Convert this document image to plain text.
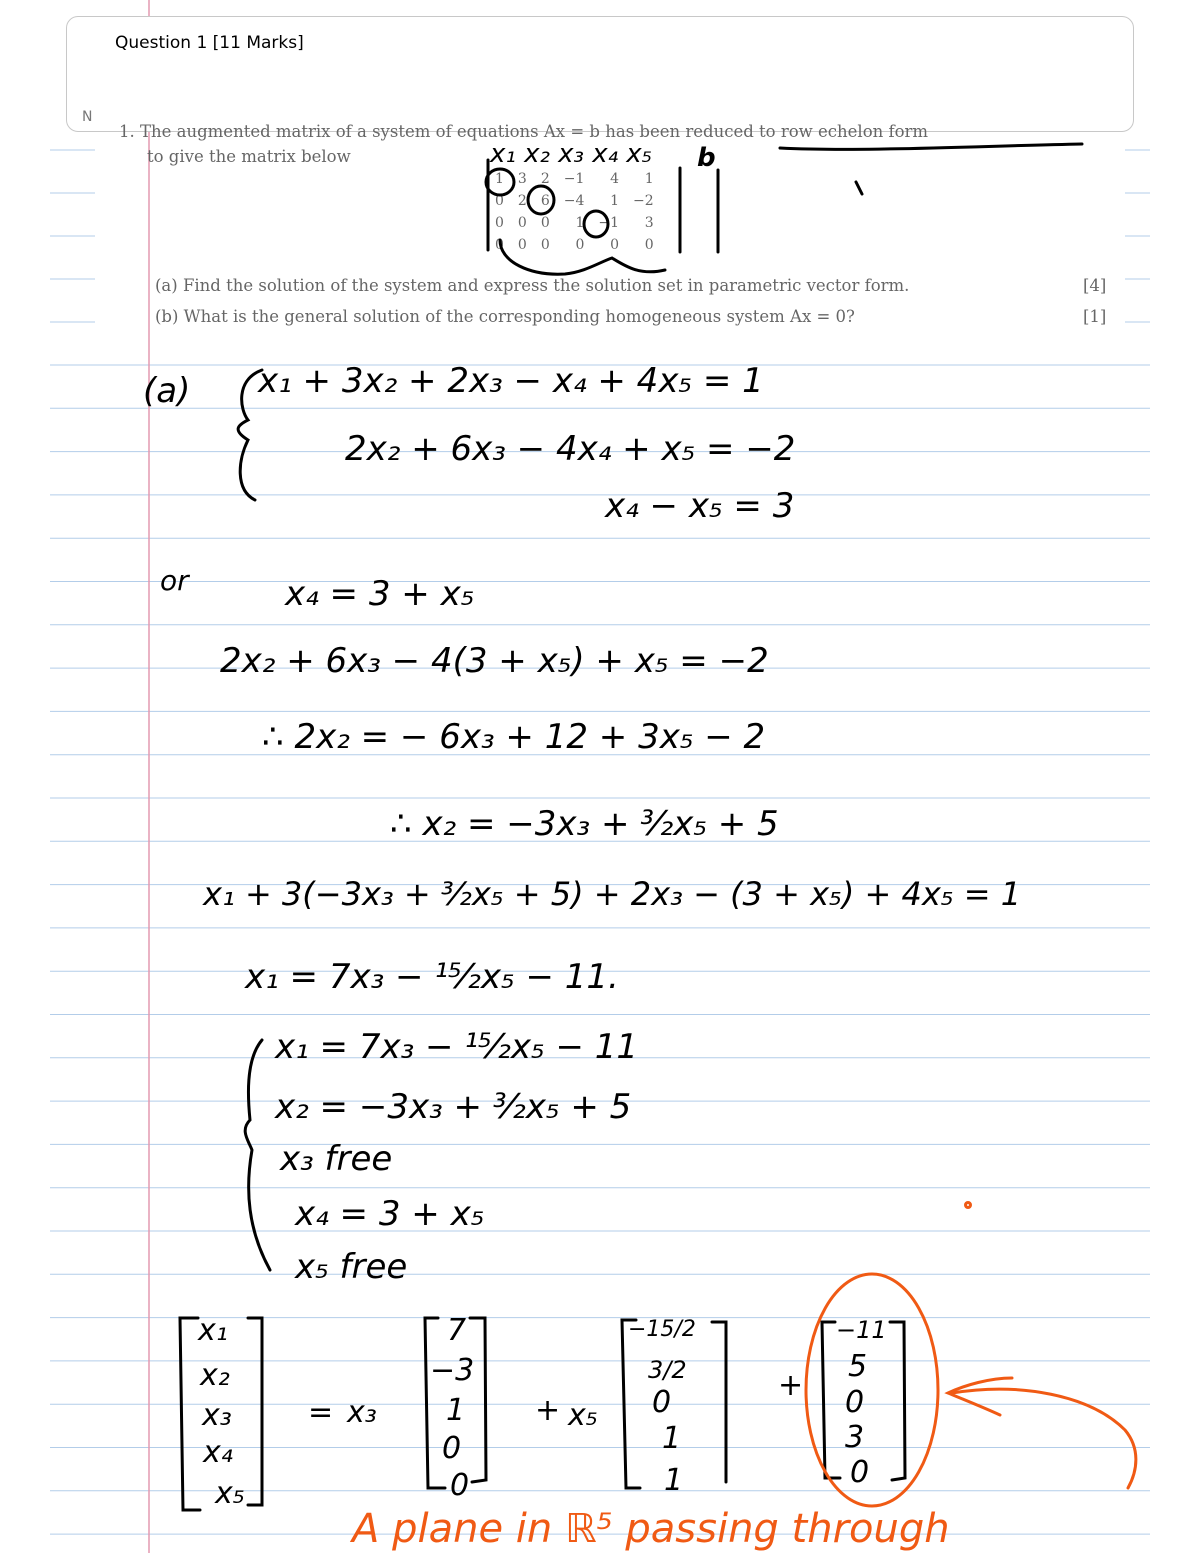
Question 1 [11 Marks]
N
1. The augmented matrix of a system of equations Ax = b has been reduced to row echelon form
to give the matrix below
1	3	2	−1	4	1
0	2	6	−4	1	−2
0	0	0	1	−1	3
0	0	0	0	0	0
(a) Find the solution of the system and express the solution set in parametric vector form.	[4]
(b) What is the general solution of the corresponding homogeneous system Ax = 0?	[1]
x₁ x₂ x₃ x₄ x₅ b
(a) x₁ + 3x₂ + 2x₃ − x₄ + 4x₅ = 1
2x₂ + 6x₃ − 4x₄ + x₅ = −2
x₄ − x₅ = 3
or	x₄ = 3 + x₅
2x₂ + 6x₃ − 4(3 + x₅) + x₅ = −2
∴ 2x₂ = − 6x₃ + 12 + 3x₅ − 2
∴ x₂ = −3x₃ + ³⁄₂x₅ + 5
x₁ + 3(−3x₃ + ³⁄₂x₅ + 5) + 2x₃ − (3 + x₅) + 4x₅ = 1
x₁ = 7x₃ − ¹⁵⁄₂x₅ − 11.
x₁ = 7x₃ − ¹⁵⁄₂x₅ − 11
x₂ = −3x₃ + ³⁄₂x₅ + 5
x₃ free
x₄ = 3 + x₅
x₅ free
x₁
x₂
x₃
x₄
x₅
= x₃
7
−3
1
0
0
+ x₅
−15/2
3/2
0
1
1
+
−11
5
0
3
0
A plane in ℝ⁵ passing through
